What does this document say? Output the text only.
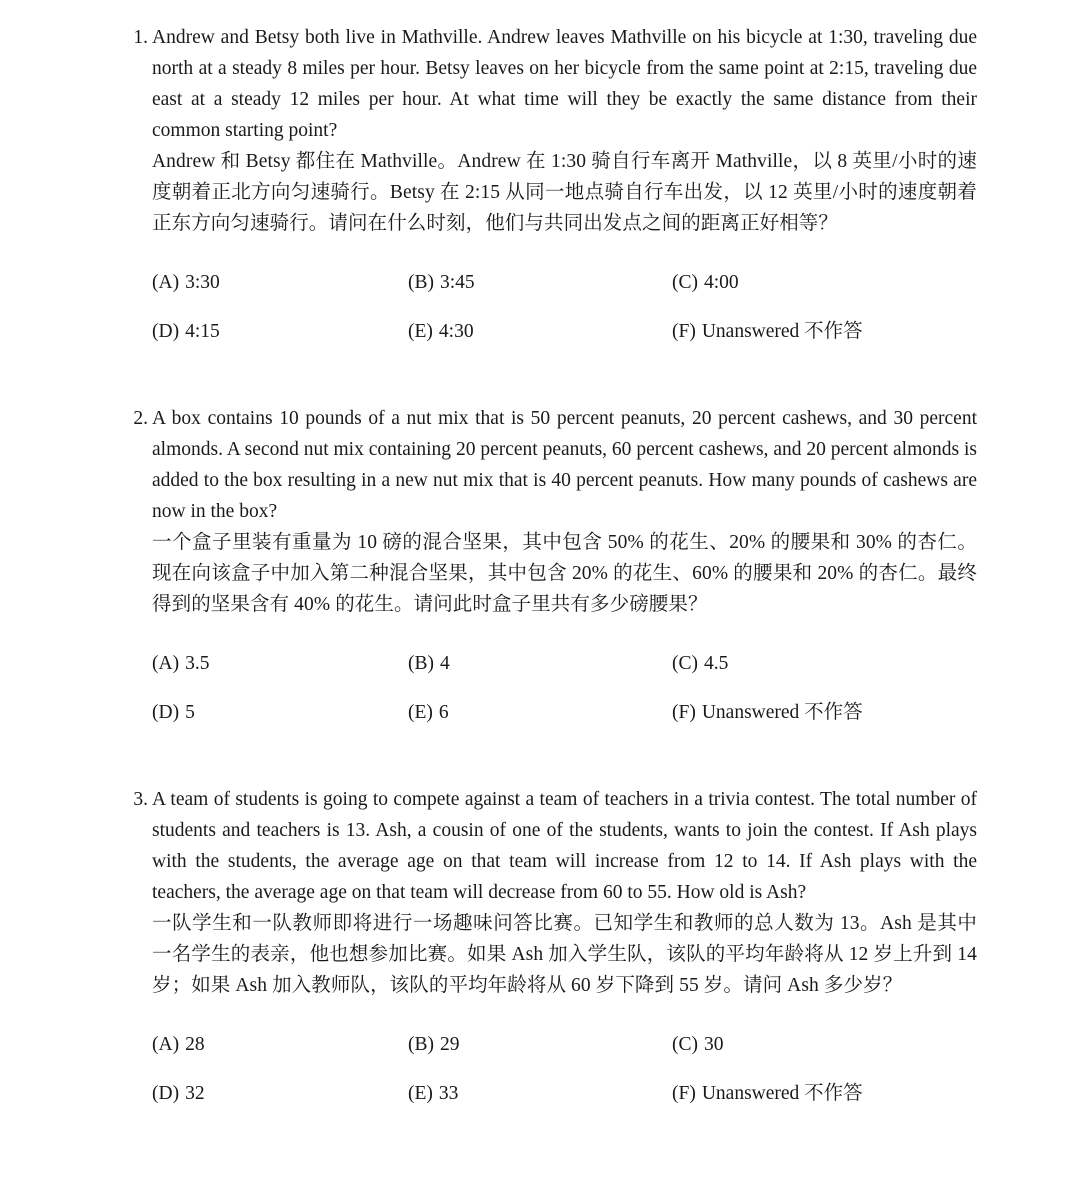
1. Andrew and Betsy both live in Mathville. Andrew leaves Mathville on his bicycle at 1:30, traveling due north at a steady 8 miles per hour. Betsy leaves on her bicycle from the same point at 2:15, traveling due east at a steady 12 miles per hour. At what time will they be exactly the same distance from their common starting point?

Andrew 和 Betsy 都住在 Mathville。Andrew 在 1:30 骑自行车离开 Mathville，以 8 英里/小时的速度朝着正北方向匀速骑行。Betsy 在 2:15 从同一地点骑自行车出发，以 12 英里/小时的速度朝着正东方向匀速骑行。请问在什么时刻，他们与共同出发点之间的距离正好相等？

(A) 3:30	(B) 3:45	(C) 4:00
(D) 4:15	(E) 4:30	(F) Unanswered 不作答
2. A box contains 10 pounds of a nut mix that is 50 percent peanuts, 20 percent cashews, and 30 percent almonds. A second nut mix containing 20 percent peanuts, 60 percent cashews, and 20 percent almonds is added to the box resulting in a new nut mix that is 40 percent peanuts. How many pounds of cashews are now in the box?

一个盒子里装有重量为 10 磅的混合坚果，其中包含 50% 的花生、20% 的腰果和 30% 的杏仁。现在向该盒子中加入第二种混合坚果，其中包含 20% 的花生、60% 的腰果和 20% 的杏仁。最终得到的坚果含有 40% 的花生。请问此时盒子里共有多少磅腰果？

(A) 3.5	(B) 4	(C) 4.5
(D) 5	(E) 6	(F) Unanswered 不作答
3. A team of students is going to compete against a team of teachers in a trivia contest. The total number of students and teachers is 13. Ash, a cousin of one of the students, wants to join the contest. If Ash plays with the students, the average age on that team will increase from 12 to 14. If Ash plays with the teachers, the average age on that team will decrease from 60 to 55. How old is Ash?

一队学生和一队教师即将进行一场趣味问答比赛。已知学生和教师的总人数为 13。Ash 是其中一名学生的表亲，他也想参加比赛。如果 Ash 加入学生队，该队的平均年龄将从 12 岁上升到 14 岁；如果 Ash 加入教师队，该队的平均年龄将从 60 岁下降到 55 岁。请问 Ash 多少岁？

(A) 28	(B) 29	(C) 30
(D) 32	(E) 33	(F) Unanswered 不作答
